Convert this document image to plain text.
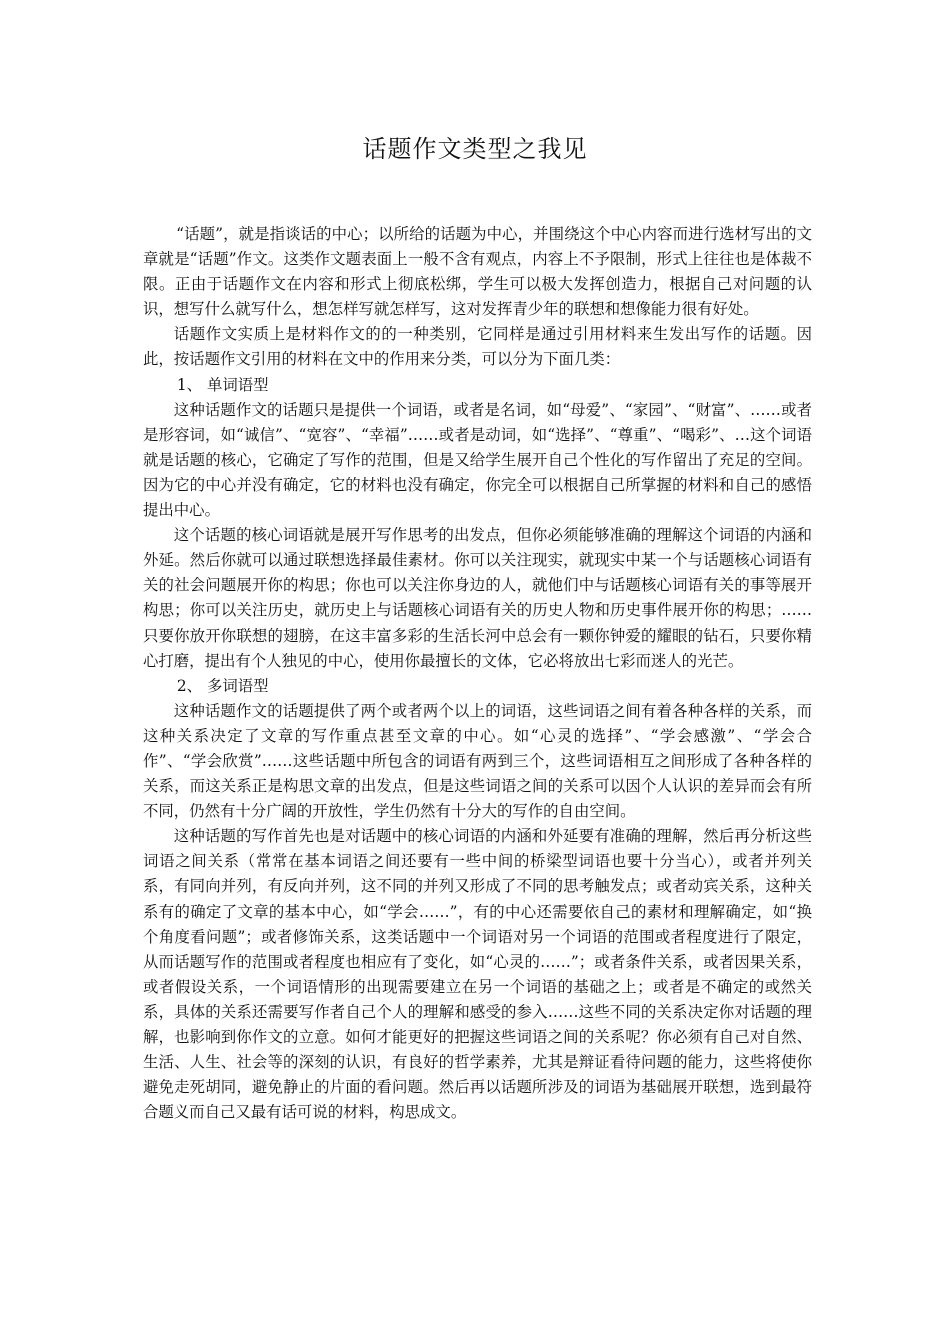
话题作文类型之我见

“话题”，就是指谈话的中心；以所给的话题为中心，并围绕这个中心内容而进行选材写出的文章就是“话题”作文。这类作文题表面上一般不含有观点，内容上不予限制，形式上往往也是体裁不限。正由于话题作文在内容和形式上彻底松绑，学生可以极大发挥创造力，根据自己对问题的认识，想写什么就写什么，想怎样写就怎样写，这对发挥青少年的联想和想像能力很有好处。

话题作文实质上是材料作文的的一种类别，它同样是通过引用材料来生发出写作的话题。因此，按话题作文引用的材料在文中的作用来分类，可以分为下面几类：

1、 单词语型

这种话题作文的话题只是提供一个词语，或者是名词，如“母爱”、“家园”、“财富”、……或者是形容词，如“诚信”、“宽容”、“幸福”……或者是动词，如“选择”、“尊重”、“喝彩”、…这个词语就是话题的核心，它确定了写作的范围，但是又给学生展开自己个性化的写作留出了充足的空间。因为它的中心并没有确定，它的材料也没有确定，你完全可以根据自己所掌握的材料和自己的感悟提出中心。

这个话题的核心词语就是展开写作思考的出发点，但你必须能够准确的理解这个词语的内涵和外延。然后你就可以通过联想选择最佳素材。你可以关注现实，就现实中某一个与话题核心词语有关的社会问题展开你的构思；你也可以关注你身边的人，就他们中与话题核心词语有关的事等展开构思；你可以关注历史，就历史上与话题核心词语有关的历史人物和历史事件展开你的构思；……只要你放开你联想的翅膀，在这丰富多彩的生活长河中总会有一颗你钟爱的耀眼的钻石，只要你精心打磨，提出有个人独见的中心，使用你最擅长的文体，它必将放出七彩而迷人的光芒。

2、 多词语型

这种话题作文的话题提供了两个或者两个以上的词语，这些词语之间有着各种各样的关系，而这种关系决定了文章的写作重点甚至文章的中心。如“心灵的选择”、“学会感激”、“学会合作”、“学会欣赏”……这些话题中所包含的词语有两到三个，这些词语相互之间形成了各种各样的关系，而这关系正是构思文章的出发点，但是这些词语之间的关系可以因个人认识的差异而会有所不同，仍然有十分广阔的开放性，学生仍然有十分大的写作的自由空间。

这种话题的写作首先也是对话题中的核心词语的内涵和外延要有准确的理解，然后再分析这些词语之间关系（常常在基本词语之间还要有一些中间的桥梁型词语也要十分当心），或者并列关系，有同向并列，有反向并列，这不同的并列又形成了不同的思考触发点；或者动宾关系，这种关系有的确定了文章的基本中心，如“学会……”，有的中心还需要依自己的素材和理解确定，如“换个角度看问题”；或者修饰关系，这类话题中一个词语对另一个词语的范围或者程度进行了限定，从而话题写作的范围或者程度也相应有了变化，如“心灵的……”；或者条件关系，或者因果关系，或者假设关系，一个词语情形的出现需要建立在另一个词语的基础之上；或者是不确定的或然关系，具体的关系还需要写作者自己个人的理解和感受的参入……这些不同的关系决定你对话题的理解，也影响到你作文的立意。如何才能更好的把握这些词语之间的关系呢？你必须有自己对自然、生活、人生、社会等的深刻的认识，有良好的哲学素养，尤其是辩证看待问题的能力，这些将使你避免走死胡同，避免静止的片面的看问题。然后再以话题所涉及的词语为基础展开联想，选到最符合题义而自己又最有话可说的材料，构思成文。
